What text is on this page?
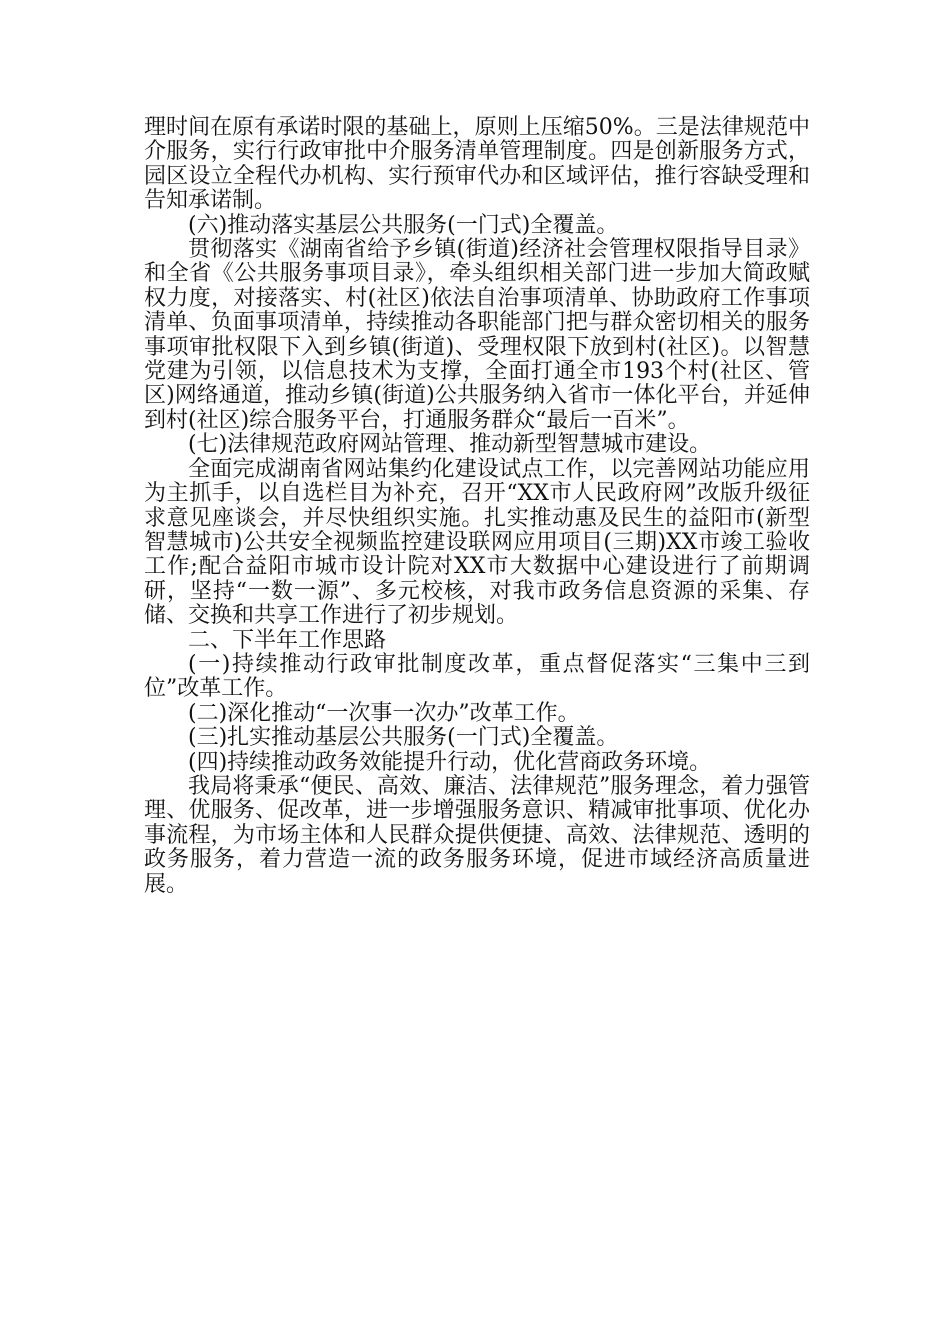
理时间在原有承诺时限的基础上，原则上压缩50%。三是法律规范中介服务，实行行政审批中介服务清单管理制度。四是创新服务方式，园区设立全程代办机构、实行预审代办和区域评估，推行容缺受理和告知承诺制。

(六)推动落实基层公共服务(一门式)全覆盖。

贯彻落实《湖南省给予乡镇(街道)经济社会管理权限指导目录》和全省《公共服务事项目录》，牵头组织相关部门进一步加大简政赋权力度，对接落实、村(社区)依法自治事项清单、协助政府工作事项清单、负面事项清单，持续推动各职能部门把与群众密切相关的服务事项审批权限下入到乡镇(街道)、受理权限下放到村(社区)。以智慧党建为引领，以信息技术为支撑，全面打通全市193个村(社区、管区)网络通道，推动乡镇(街道)公共服务纳入省市一体化平台，并延伸到村(社区)综合服务平台，打通服务群众“最后一百米”。

(七)法律规范政府网站管理、推动新型智慧城市建设。

全面完成湖南省网站集约化建设试点工作，以完善网站功能应用为主抓手，以自选栏目为补充，召开“XX市人民政府网”改版升级征求意见座谈会，并尽快组织实施。扎实推动惠及民生的益阳市(新型智慧城市)公共安全视频监控建设联网应用项目(三期)XX市竣工验收工作;配合益阳市城市设计院对XX市大数据中心建设进行了前期调研，坚持“一数一源”、多元校核，对我市政务信息资源的采集、存储、交换和共享工作进行了初步规划。

二、下半年工作思路

(一)持续推动行政审批制度改革，重点督促落实“三集中三到位”改革工作。

(二)深化推动“一次事一次办”改革工作。

(三)扎实推动基层公共服务(一门式)全覆盖。

(四)持续推动政务效能提升行动，优化营商政务环境。

我局将秉承“便民、高效、廉洁、法律规范”服务理念，着力强管理、优服务、促改革，进一步增强服务意识、精减审批事项、优化办事流程，为市场主体和人民群众提供便捷、高效、法律规范、透明的政务服务，着力营造一流的政务服务环境，促进市域经济高质量进展。
